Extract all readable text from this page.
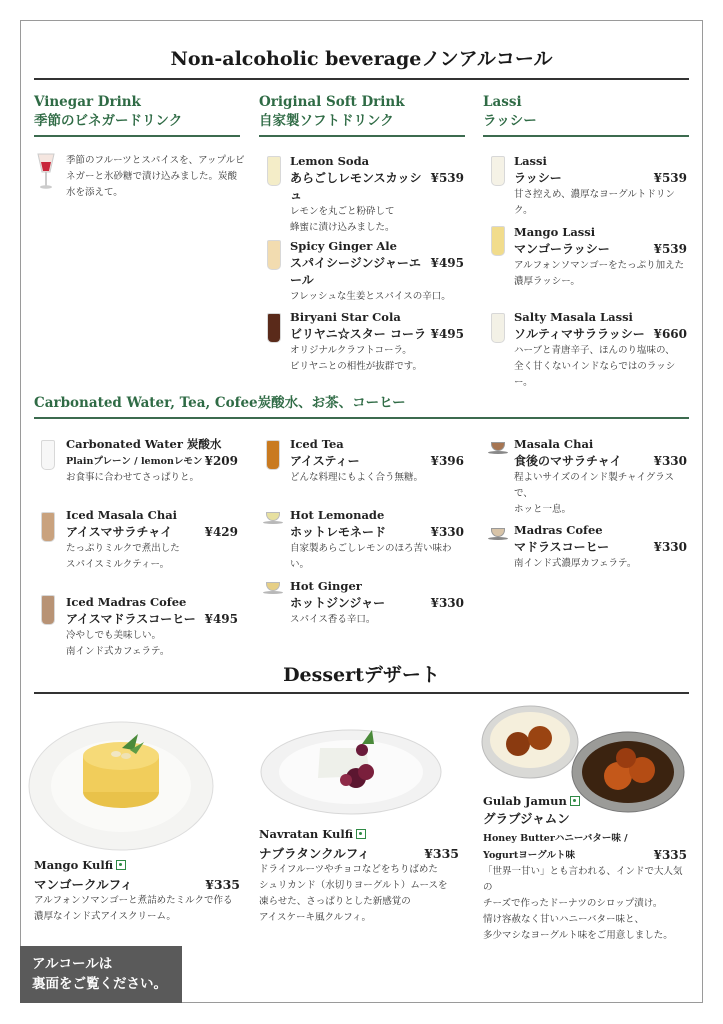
Non-alcoholic beverageノンアルコール
Vinegar Drink
季節のビネガードリンク
Original Soft Drink
自家製ソフトドリンク
Lassi
ラッシー
季節のフルーツとスパイスを、アップルビ
ネガーと氷砂糖で漬け込みました。炭酸
水を添えて。
Lemon Soda
あらごしレモンスカッシュ
¥539
レモンを丸ごと粉砕して
蜂蜜に漬け込みました。
Spicy Ginger Ale
スパイシージンジャーエール
¥495
フレッシュな生姜とスパイスの辛口。
Biryani Star Cola
ビリヤニ☆スター コーラ ¥495
オリジナルクラフトコーラ。
ビリヤニとの相性が抜群です。
Lassi
ラッシー	¥539
甘さ控えめ、濃厚なヨーグルトドリンク。
Mango Lassi
マンゴーラッシー	¥539
アルフォンソマンゴーをたっぷり加えた
濃厚ラッシー。
Salty Masala Lassi
ソルティマサララッシー ¥660
ハーブと青唐辛子、ほんのり塩味の、
全く甘くないインドならではのラッシー。
Carbonated Water, Tea, Cofee炭酸水、お茶、コーヒー
Carbonated Water 炭酸水
Plainプレーン / lemonレモン ¥209
お食事に合わせてさっぱりと。
Iced Masala Chai
アイスマサラチャイ	¥429
たっぷりミルクで煮出した
スパイスミルクティー。
Iced Madras Cofee
アイスマドラスコーヒー ¥495
冷やしでも美味しい。
南インド式カフェラテ。
Iced Tea
アイスティー	¥396
どんな料理にもよく合う無糖。
Hot Lemonade
ホットレモネード	¥330
自家製あらごしレモンのほろ苦い味わい。
Hot Ginger
ホットジンジャー	¥330
スパイス香る辛口。
Masala Chai
食後のマサラチャイ	¥330
程よいサイズのインド製チャイグラスで、
ホッと一息。
Madras Cofee
マドラスコーヒー	¥330
南インド式濃厚カフェラテ。
Dessertデザート
Mango Kulfi
マンゴークルフィ	¥335
アルフォンソマンゴーと煮詰めたミルクで作る
濃厚なインド式アイスクリーム。
Navratan Kulfi
ナブラタンクルフィ	¥335
ドライフルーツやチョコなどをちりばめた
シュリカンド（水切りヨーグルト）ムースを
凍らせた、さっぱりとした新感覚の
アイスケーキ風クルフィ。
Gulab Jamun
グラブジャムン
Honey Butterハニーバター味 /
Yogurtヨーグルト味	¥335
「世界一甘い」とも言われる、インドで大人気の
チーズで作ったドーナツのシロップ漬け。
情け容赦なく甘いハニーバター味と、
多少マシなヨーグルト味をご用意しました。
アルコールは
裏面をご覧ください。
